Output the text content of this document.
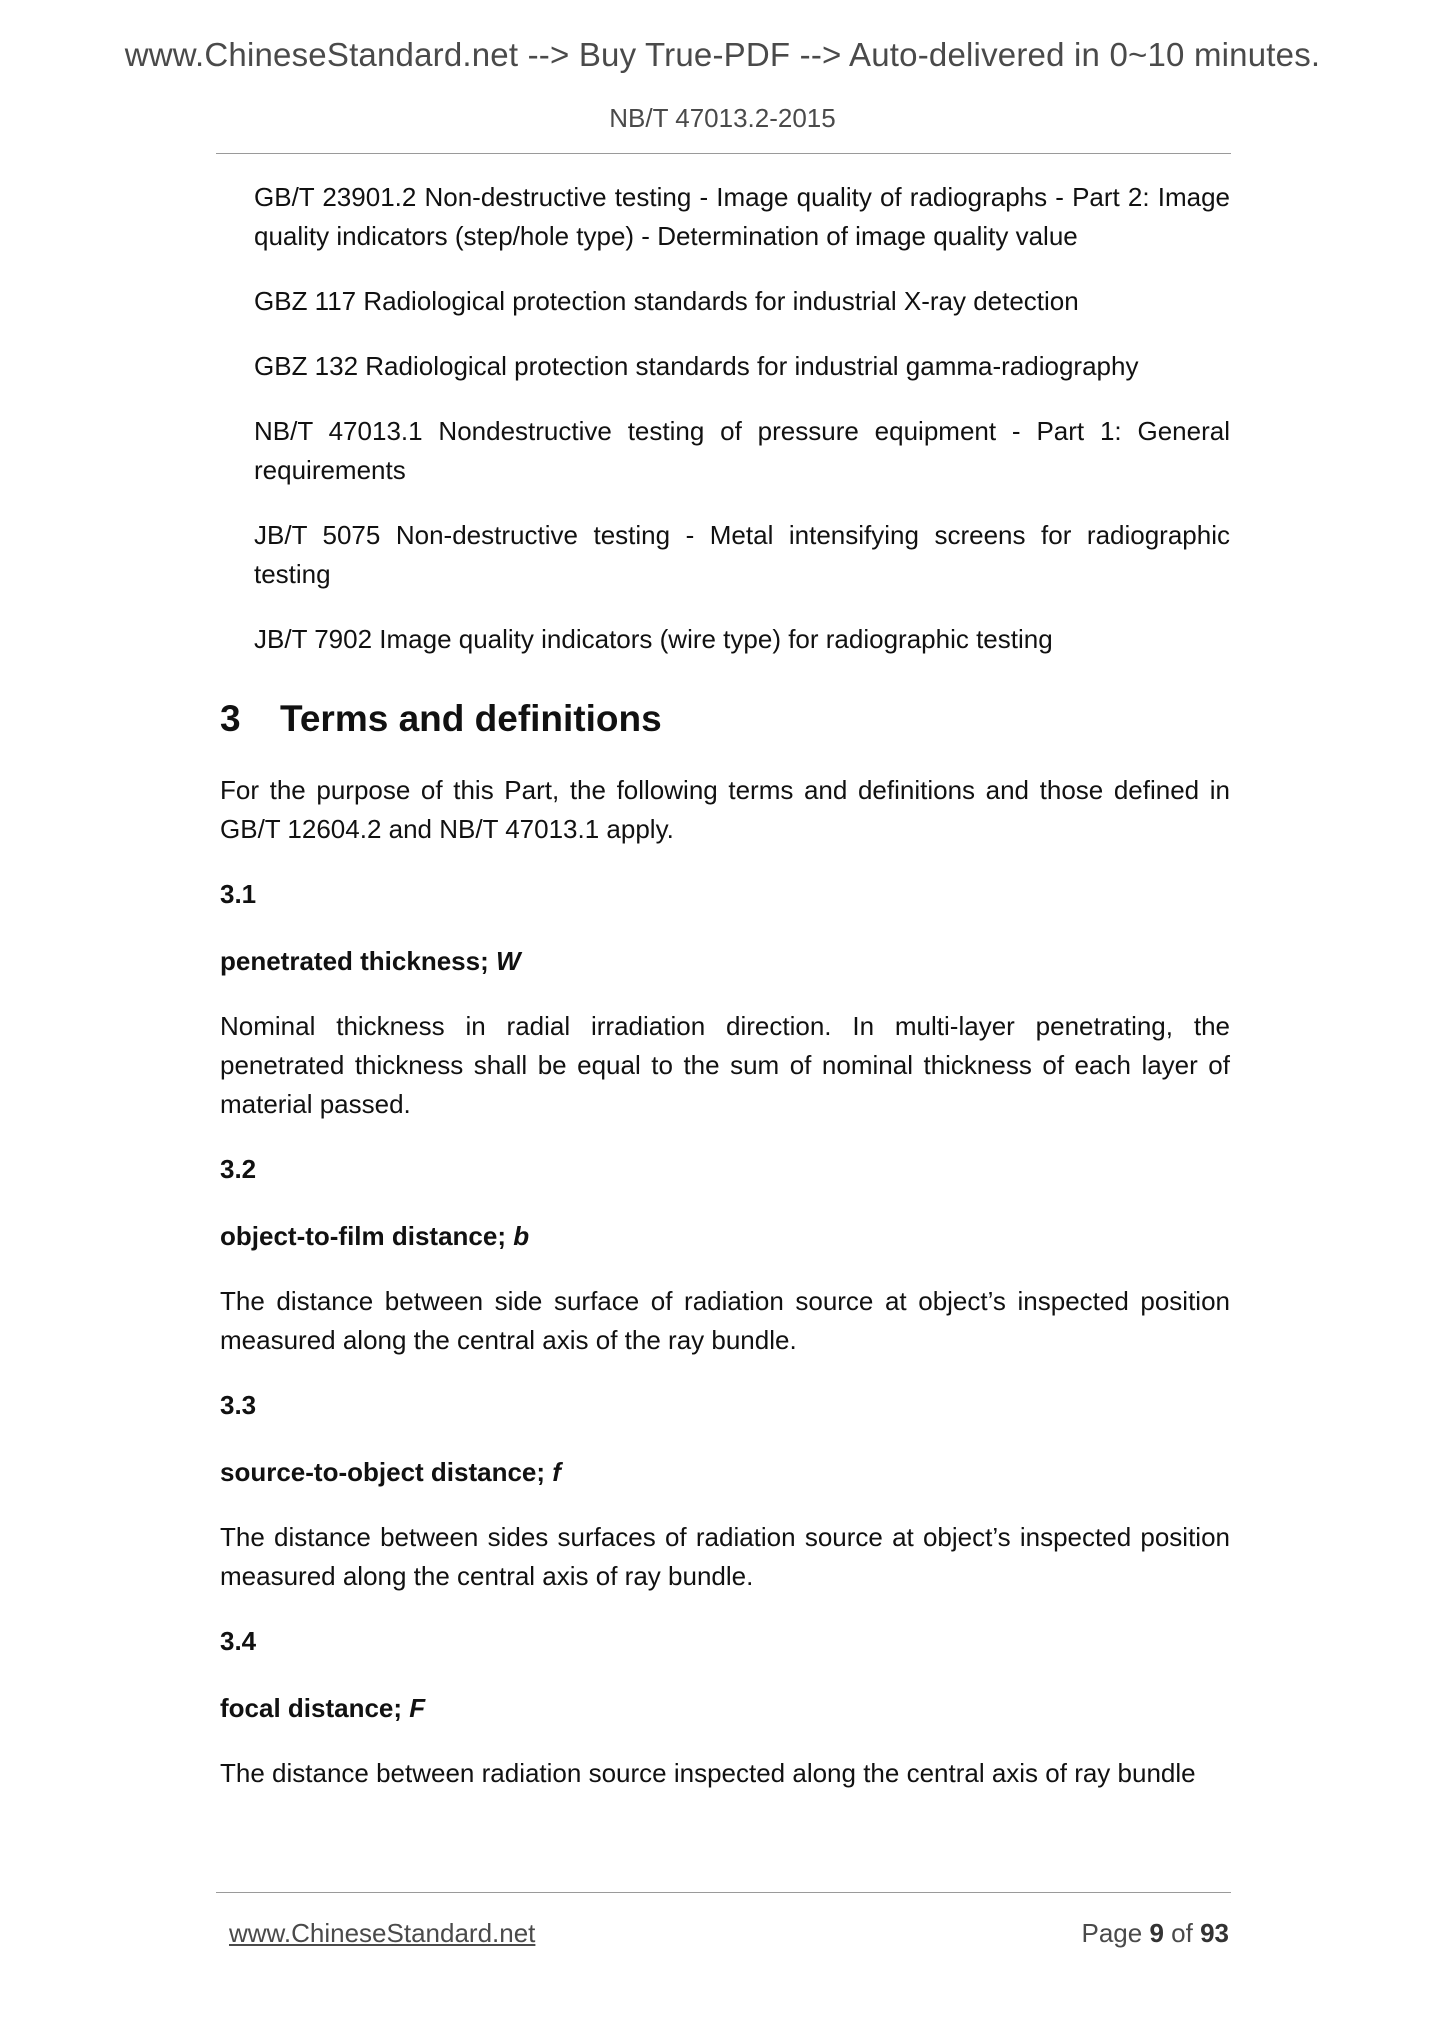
www.ChineseStandard.net --> Buy True-PDF --> Auto-delivered in 0~10 minutes.
NB/T 47013.2-2015
GB/T 23901.2 Non-destructive testing - Image quality of radiographs - Part 2: Image quality indicators (step/hole type) - Determination of image quality value
GBZ 117 Radiological protection standards for industrial X-ray detection
GBZ 132 Radiological protection standards for industrial gamma-radiography
NB/T 47013.1 Nondestructive testing of pressure equipment - Part 1: General requirements
JB/T 5075 Non-destructive testing - Metal intensifying screens for radiographic testing
JB/T 7902 Image quality indicators (wire type) for radiographic testing
3 Terms and definitions
For the purpose of this Part, the following terms and definitions and those defined in GB/T 12604.2 and NB/T 47013.1 apply.
3.1
penetrated thickness; W
Nominal thickness in radial irradiation direction. In multi-layer penetrating, the penetrated thickness shall be equal to the sum of nominal thickness of each layer of material passed.
3.2
object-to-film distance; b
The distance between side surface of radiation source at object’s inspected position measured along the central axis of the ray bundle.
3.3
source-to-object distance; f
The distance between sides surfaces of radiation source at object’s inspected position measured along the central axis of ray bundle.
3.4
focal distance; F
The distance between radiation source inspected along the central axis of ray bundle
www.ChineseStandard.net	Page 9 of 93
